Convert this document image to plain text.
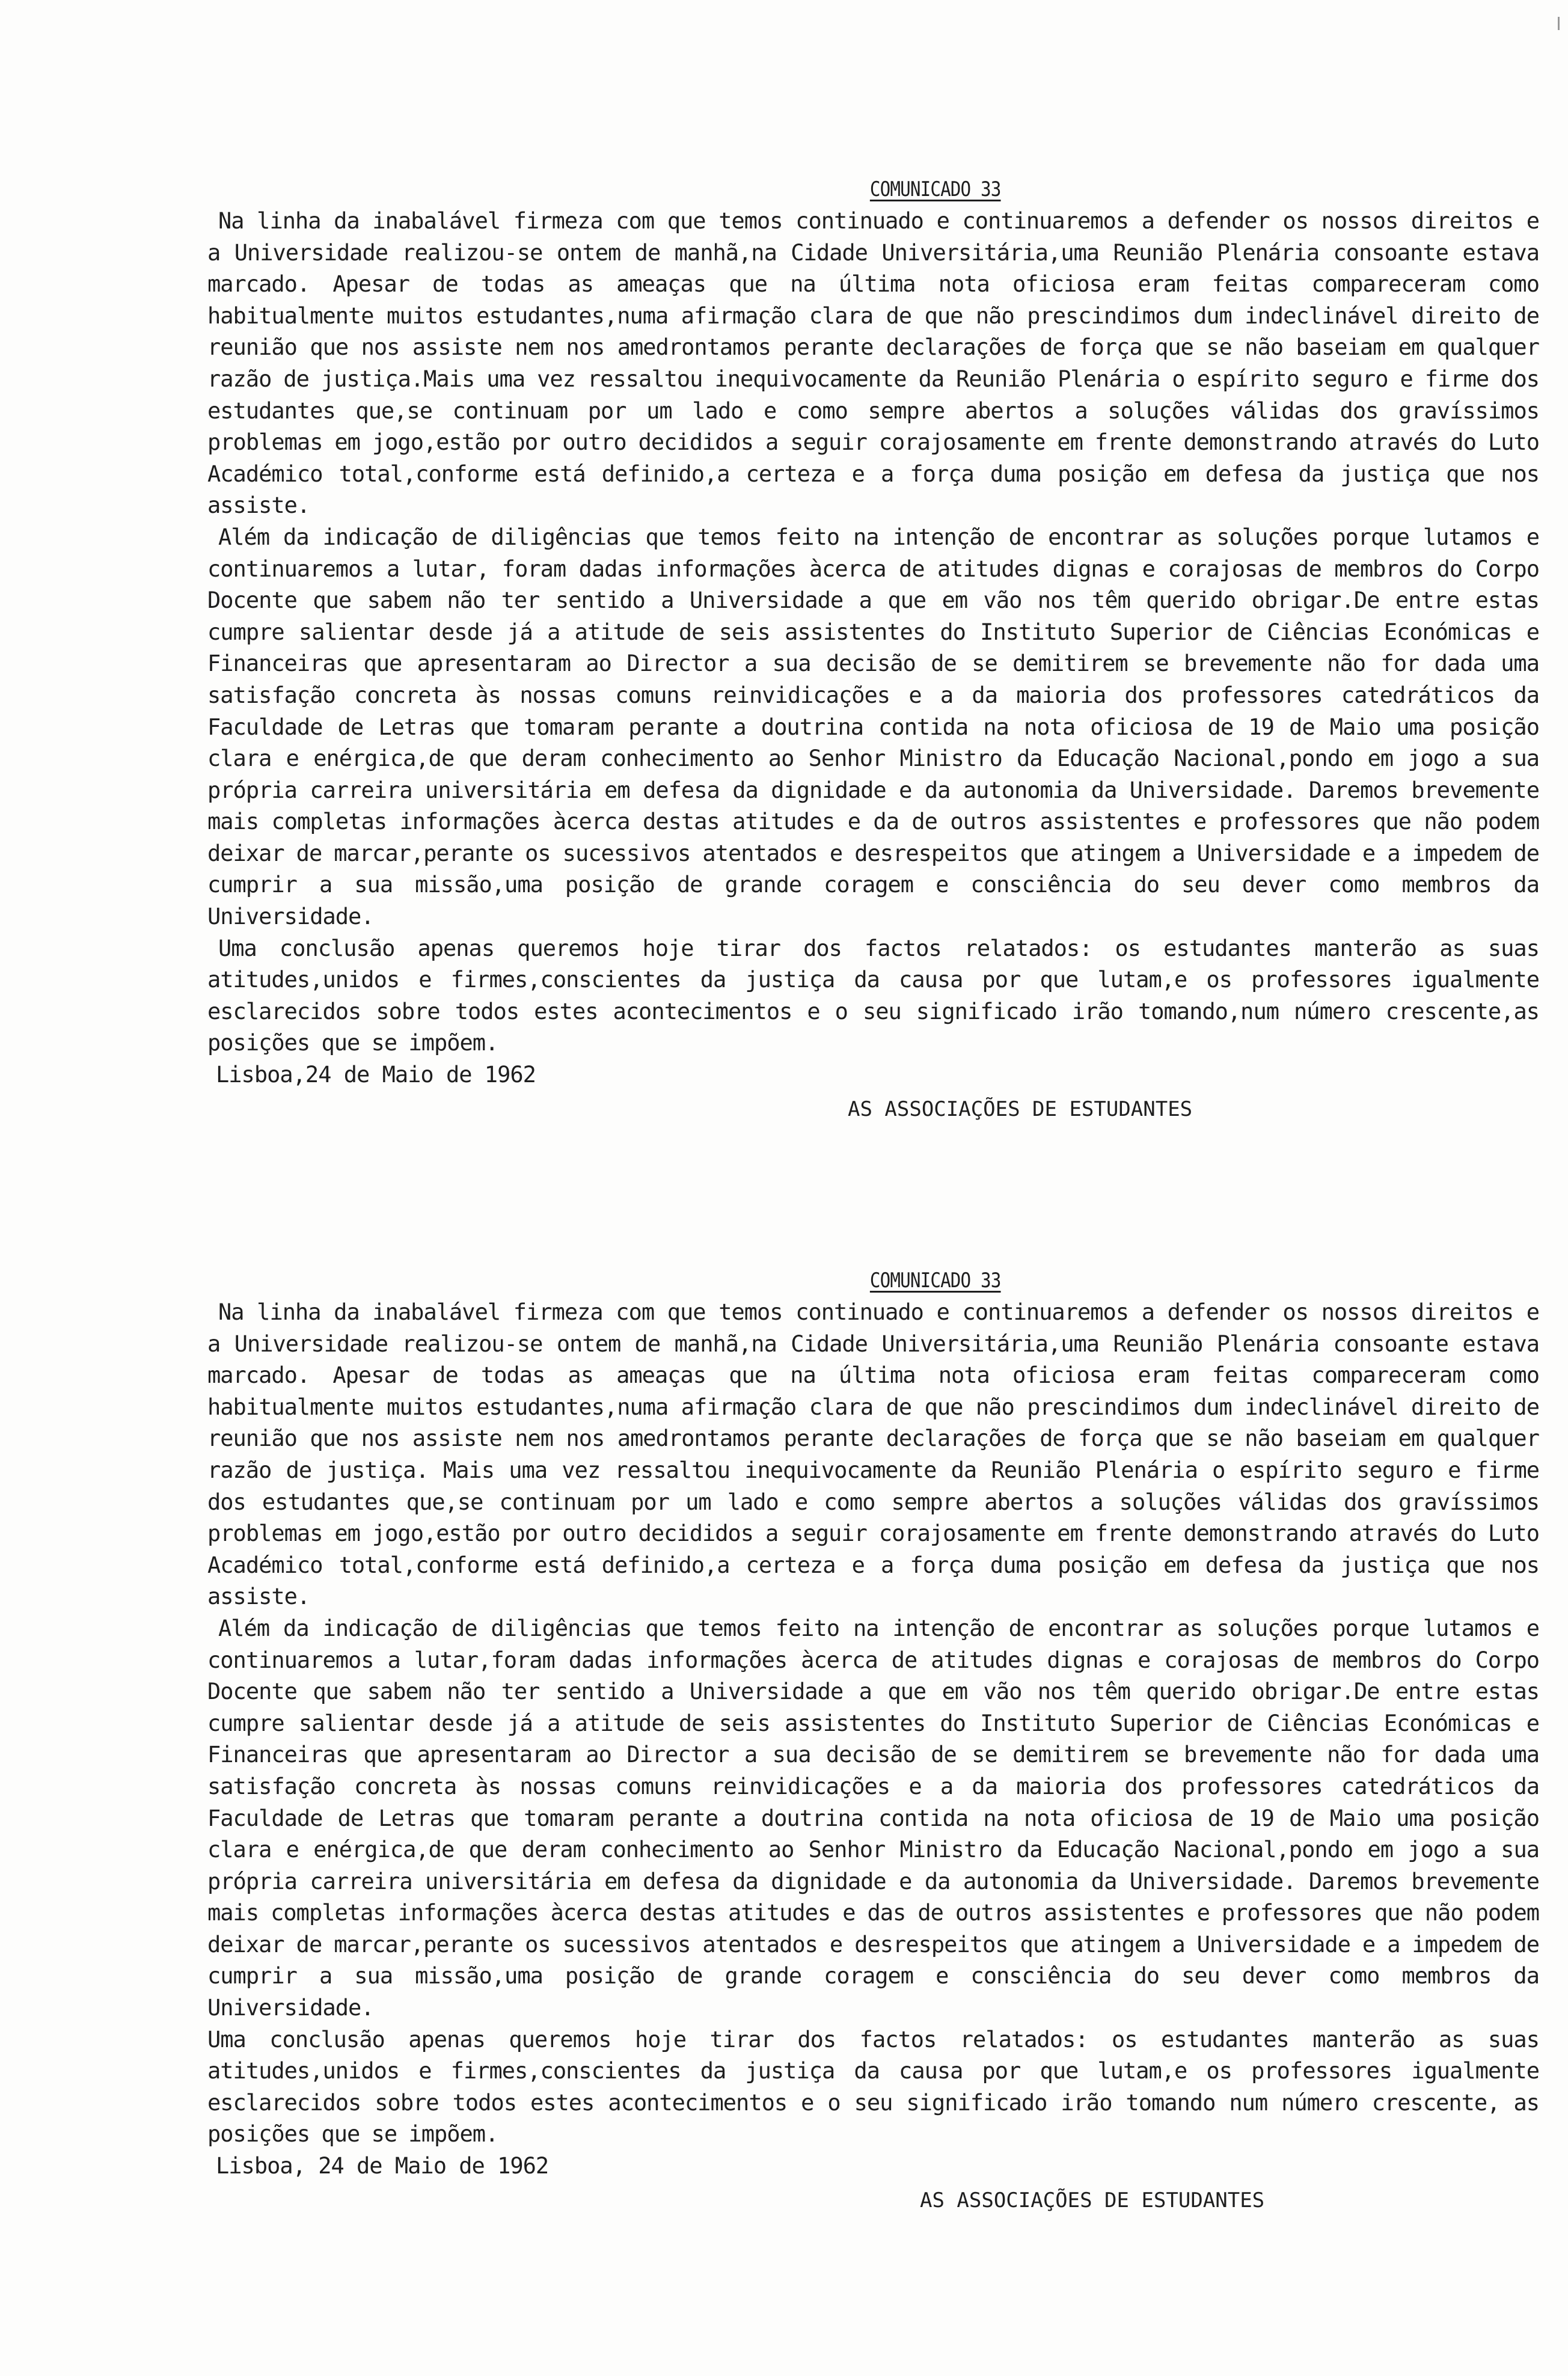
COMUNICADO 33

Na linha da inabalável firmeza com que temos continuado e continuaremos a defender os nossos direitos e a Universidade realizou-se ontem de manhã,na Cidade Universitária,uma Reunião Plenária consoante estava marcado. Apesar de todas as ameaças que na última nota oficiosa eram feitas compareceram como habitualmente muitos estudantes,numa afirmação clara de que não prescindimos dum indeclinável direito de reunião que nos assiste nem nos amedrontamos perante declarações de força que se não baseiam em qualquer razão de justiça.Mais uma vez ressaltou inequivocamente da Reunião Plenária o espírito seguro e firme dos estudantes que,se continuam por um lado e como sempre abertos a soluções válidas dos gravíssimos problemas em jogo,estão por outro decididos a seguir corajosamente em frente demonstrando através do Luto Académico total,conforme está definido,a certeza e a força duma posição em defesa da justiça que nos assiste.

Além da indicação de diligências que temos feito na intenção de encontrar as soluções porque lutamos e continuaremos a lutar, foram dadas informações àcerca de atitudes dignas e corajosas de membros do Corpo Docente que sabem não ter sentido a Universidade a que em vão nos têm querido obrigar.De entre estas cumpre salientar desde já a atitude de seis assistentes do Instituto Superior de Ciências Económicas e Financeiras que apresentaram ao Director a sua decisão de se demitirem se brevemente não for dada uma satisfação concreta às nossas comuns reinvidicações e a da maioria dos professores catedráticos da Faculdade de Letras que tomaram perante a doutrina contida na nota oficiosa de 19 de Maio uma posição clara e enérgica,de que deram conhecimento ao Senhor Ministro da Educação Nacional,pondo em jogo a sua própria carreira universitária em defesa da dignidade e da autonomia da Universidade. Daremos brevemente mais completas informações àcerca destas atitudes e da de outros assistentes e professores que não podem deixar de marcar,perante os sucessivos atentados e desrespeitos que atingem a Universidade e a impedem de cumprir a sua missão,uma posição de grande coragem e consciência do seu dever como membros da Universidade.

Uma conclusão apenas queremos hoje tirar dos factos relatados: os estudantes manterão as suas atitudes,unidos e firmes,conscientes da justiça da causa por que lutam,e os professores igualmente esclarecidos sobre todos estes acontecimentos e o seu significado irão tomando,num número crescente,as posições que se impõem.

Lisboa,24 de Maio de 1962

AS ASSOCIAÇÕES DE ESTUDANTES
COMUNICADO 33

Na linha da inabalável firmeza com que temos continuado e continuaremos a defender os nossos direitos e a Universidade realizou-se ontem de manhã,na Cidade Universitária,uma Reunião Plenária consoante estava marcado. Apesar de todas as ameaças que na última nota oficiosa eram feitas compareceram como habitualmente muitos estudantes,numa afirmação clara de que não prescindimos dum indeclinável direito de reunião que nos assiste nem nos amedrontamos perante declarações de força que se não baseiam em qualquer razão de justiça. Mais uma vez ressaltou inequivocamente da Reunião Plenária o espírito seguro e firme dos estudantes que,se continuam por um lado e como sempre abertos a soluções válidas dos gravíssimos problemas em jogo,estão por outro decididos a seguir corajosamente em frente demonstrando através do Luto Académico total,conforme está definido,a certeza e a força duma posição em defesa da justiça que nos assiste.

Além da indicação de diligências que temos feito na intenção de encontrar as soluções porque lutamos e continuaremos a lutar,foram dadas informações àcerca de atitudes dignas e corajosas de membros do Corpo Docente que sabem não ter sentido a Universidade a que em vão nos têm querido obrigar.De entre estas cumpre salientar desde já a atitude de seis assistentes do Instituto Superior de Ciências Económicas e Financeiras que apresentaram ao Director a sua decisão de se demitirem se brevemente não for dada uma satisfação concreta às nossas comuns reinvidicações e a da maioria dos professores catedráticos da Faculdade de Letras que tomaram perante a doutrina contida na nota oficiosa de 19 de Maio uma posição clara e enérgica,de que deram conhecimento ao Senhor Ministro da Educação Nacional,pondo em jogo a sua própria carreira universitária em defesa da dignidade e da autonomia da Universidade. Daremos brevemente mais completas informações àcerca destas atitudes e das de outros assistentes e professores que não podem deixar de marcar,perante os sucessivos atentados e desrespeitos que atingem a Universidade e a impedem de cumprir a sua missão,uma posição de grande coragem e consciência do seu dever como membros da Universidade.

Uma conclusão apenas queremos hoje tirar dos factos relatados: os estudantes manterão as suas atitudes,unidos e firmes,conscientes da justiça da causa por que lutam,e os professores igualmente esclarecidos sobre todos estes acontecimentos e o seu significado irão tomando num número crescente, as posições que se impõem.

Lisboa, 24 de Maio de 1962

AS ASSOCIAÇÕES DE ESTUDANTES
